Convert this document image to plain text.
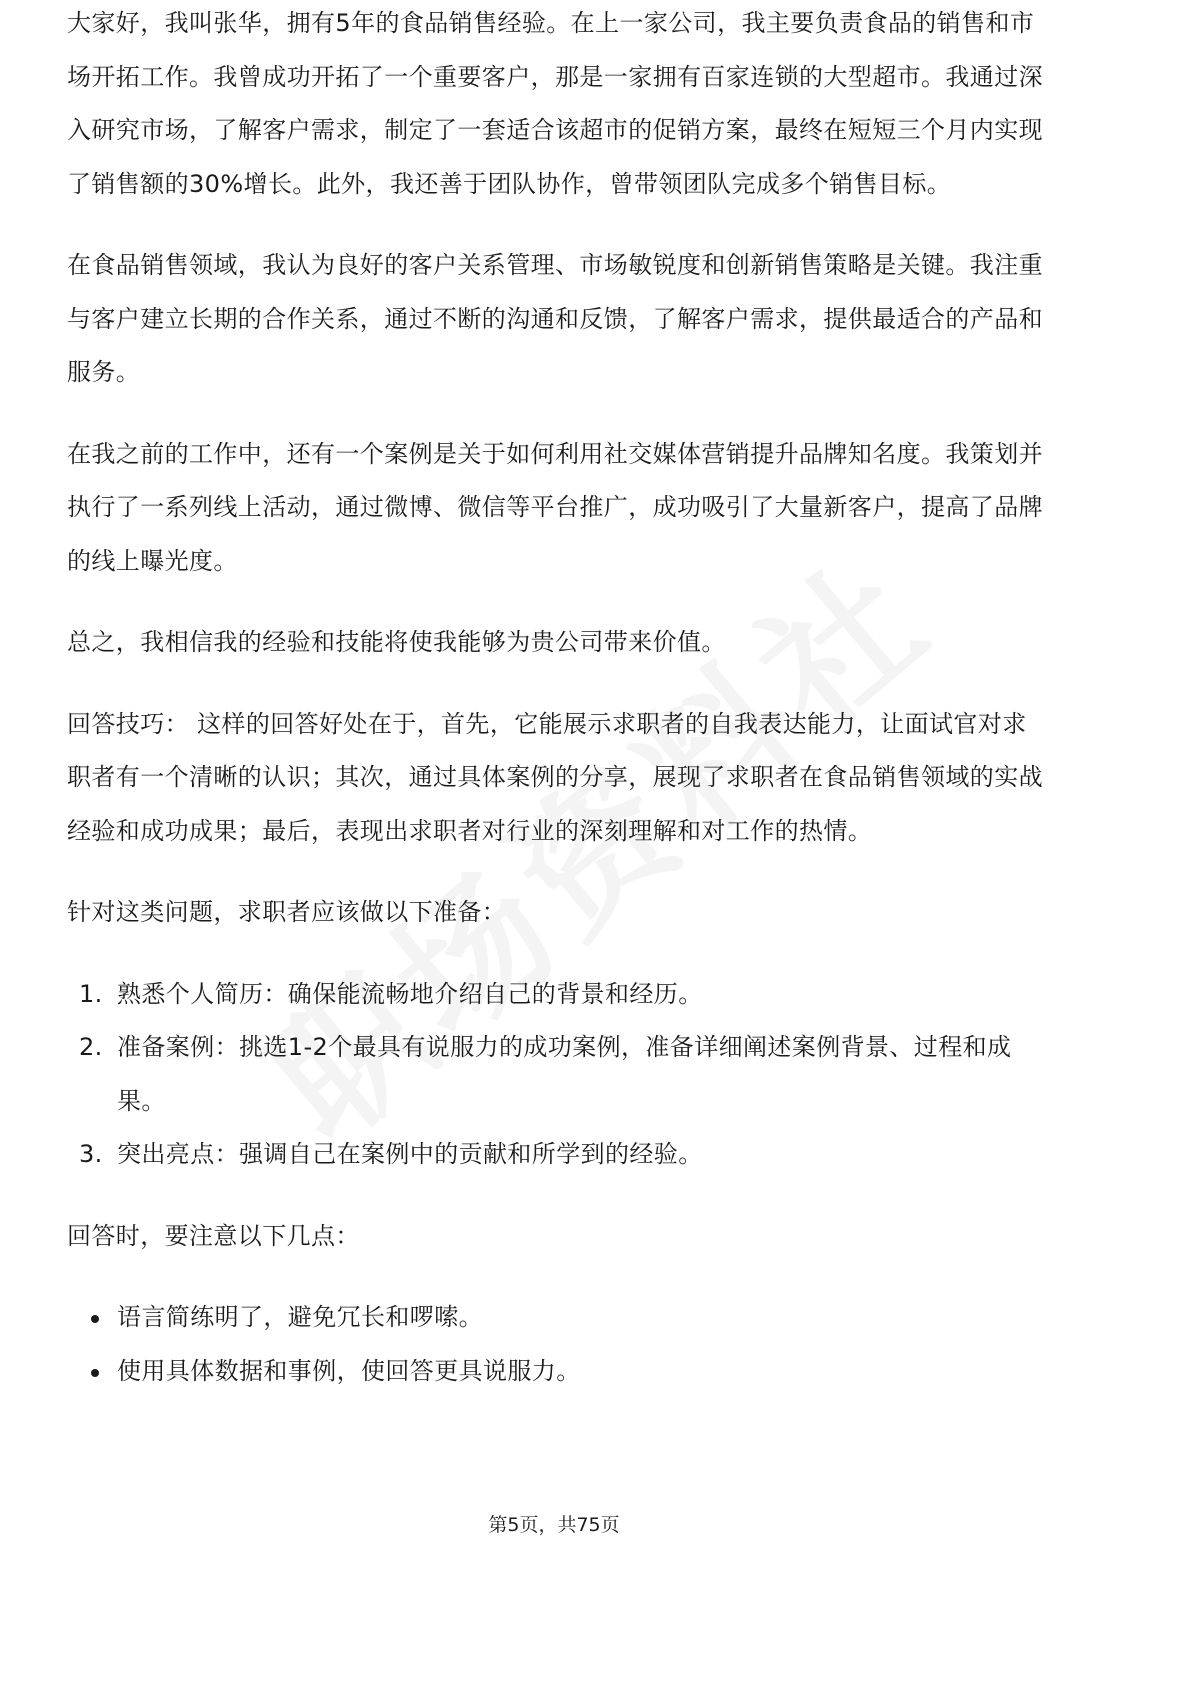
大家好，我叫张华，拥有5年的食品销售经验。在上一家公司，我主要负责食品的销售和市场开拓工作。我曾成功开拓了一个重要客户，那是一家拥有百家连锁的大型超市。我通过深入研究市场，了解客户需求，制定了一套适合该超市的促销方案，最终在短短三个月内实现了销售额的30%增长。此外，我还善于团队协作，曾带领团队完成多个销售目标。

在食品销售领域，我认为良好的客户关系管理、市场敏锐度和创新销售策略是关键。我注重与客户建立长期的合作关系，通过不断的沟通和反馈，了解客户需求，提供最适合的产品和服务。

在我之前的工作中，还有一个案例是关于如何利用社交媒体营销提升品牌知名度。我策划并执行了一系列线上活动，通过微博、微信等平台推广，成功吸引了大量新客户，提高了品牌的线上曝光度。

总之，我相信我的经验和技能将使我能够为贵公司带来价值。

回答技巧： 这样的回答好处在于，首先，它能展示求职者的自我表达能力，让面试官对求职者有一个清晰的认识；其次，通过具体案例的分享，展现了求职者在食品销售领域的实战经验和成功成果；最后，表现出求职者对行业的深刻理解和对工作的热情。

针对这类问题，求职者应该做以下准备：

1. 熟悉个人简历：确保能流畅地介绍自己的背景和经历。
2. 准备案例：挑选1-2个最具有说服力的成功案例，准备详细阐述案例背景、过程和成果。
3. 突出亮点：强调自己在案例中的贡献和所学到的经验。

回答时，要注意以下几点：

语言简练明了，避免冗长和啰嗦。
使用具体数据和事例，使回答更具说服力。
第5页，共75页
